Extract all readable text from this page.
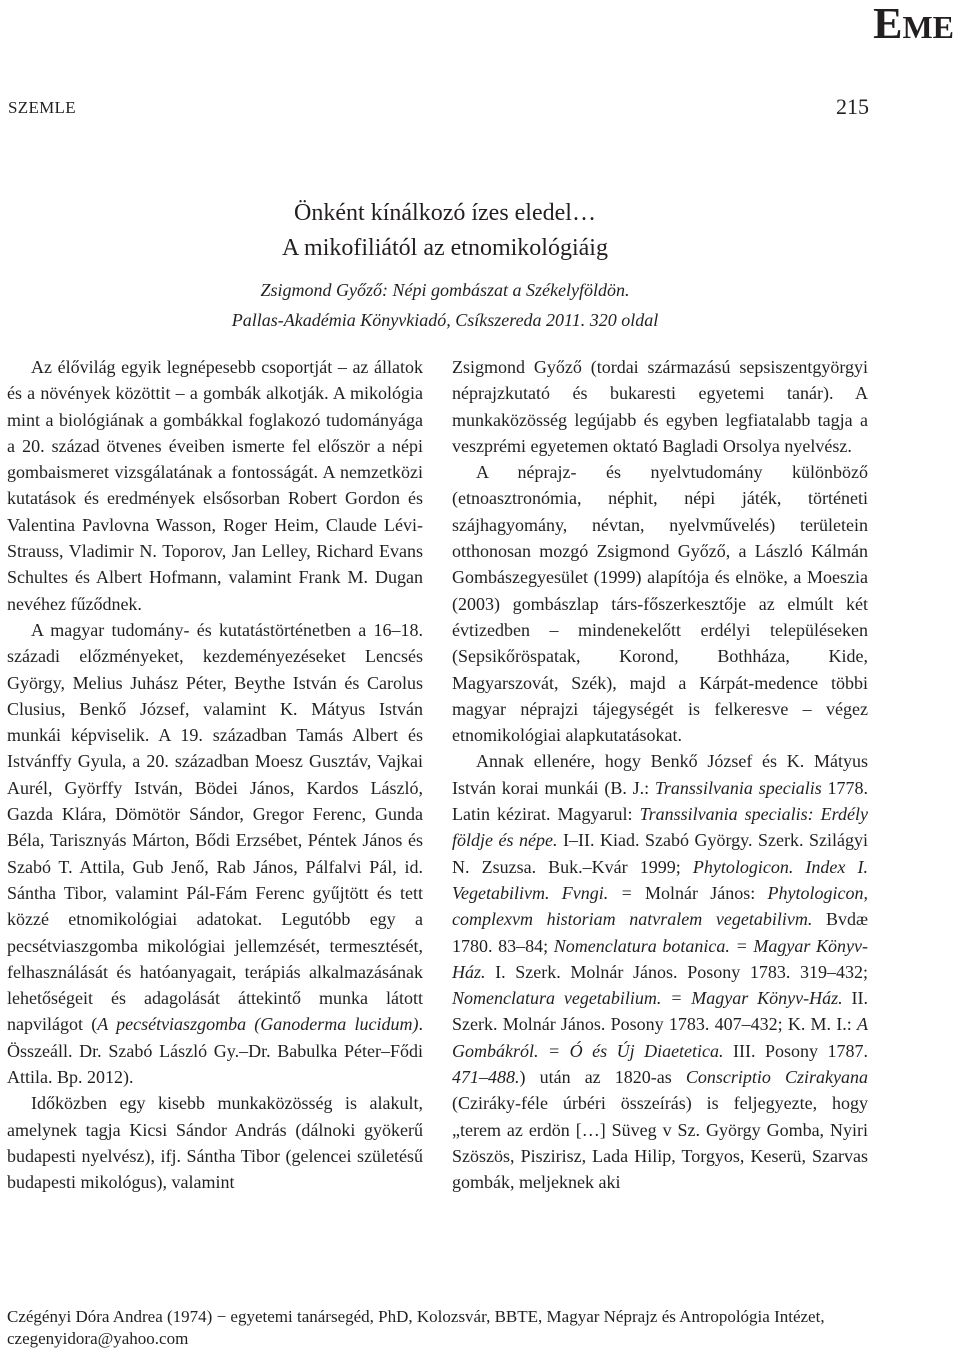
EME
SZEMLE	215
Önként kínálkozó ízes eledel…
A mikofiliától az etnomikológiáig

Zsigmond Győző: Népi gombászat a Székelyföldön.

Pallas-Akadémia Könyvkiadó, Csíkszereda 2011. 320 oldal

Az élővilág egyik legnépesebb csoportját – az állatok és a növények közöttit – a gombák alkotják. A mikológia mint a biológiának a gombákkal foglakozó tudományága a 20. század ötvenes éveiben ismerte fel először a népi gombaismeret vizsgálatának a fontosságát. A nemzetközi kutatások és eredmények elsősorban Robert Gordon és Valentina Pavlovna Wasson, Roger Heim, Claude Lévi-Strauss, Vladimir N. Toporov, Jan Lelley, Richard Evans Schultes és Albert Hofmann, valamint Frank M. Dugan nevéhez fűződnek.

A magyar tudomány- és kutatástörténetben a 16–18. századi előzményeket, kezdeményezéseket Lencsés György, Melius Juhász Péter, Beythe István és Carolus Clusius, Benkő József, valamint K. Mátyus István munkái képviselik. A 19. században Tamás Albert és Istvánffy Gyula, a 20. században Moesz Gusztáv, Vajkai Aurél, Györffy István, Bödei János, Kardos László, Gazda Klára, Dömötör Sándor, Gregor Ferenc, Gunda Béla, Tarisznyás Márton, Bődi Erzsébet, Péntek János és Szabó T. Attila, Gub Jenő, Rab János, Pálfalvi Pál, id. Sántha Tibor, valamint Pál-Fám Ferenc gyűjtött és tett közzé etnomikológiai adatokat. Legutóbb egy a pecsétviaszgomba mikológiai jellemzését, termesztését, felhasználását és hatóanyagait, terápiás alkalmazásának lehetőségeit és adagolását áttekintő munka látott napvilágot (A pecsétviaszgomba (Ganoderma lucidum). Összeáll. Dr. Szabó László Gy.–Dr. Babulka Péter–Fődi Attila. Bp. 2012).

Időközben egy kisebb munkaközösség is alakult, amelynek tagja Kicsi Sándor András (dálnoki gyökerű budapesti nyelvész), ifj. Sántha Tibor (gelencei születésű budapesti mikológus), valamint

Zsigmond Győző (tordai származású sepsiszentgyörgyi néprajzkutató és bukaresti egyetemi tanár). A munkaközösség legújabb és egyben legfiatalabb tagja a veszprémi egyetemen oktató Bagladi Orsolya nyelvész.

A néprajz- és nyelvtudomány különböző (etnoasztronómia, néphit, népi játék, történeti szájhagyomány, névtan, nyelvművelés) területein otthonosan mozgó Zsigmond Győző, a László Kálmán Gombászegyesület (1999) alapítója és elnöke, a Moeszia (2003) gombászlap társ-főszerkesztője az elmúlt két évtizedben – mindenekelőtt erdélyi településeken (Sepsikőröspatak, Korond, Bothháza, Kide, Magyarszovát, Szék), majd a Kárpát-medence többi magyar néprajzi tájegységét is felkeresve – végez etnomikológiai alapkutatásokat.

Annak ellenére, hogy Benkő József és K. Mátyus István korai munkái (B. J.: Transsilvania specialis 1778. Latin kézirat. Magyarul: Transsilvania specialis: Erdély földje és népe. I–II. Kiad. Szabó György. Szerk. Szilágyi N. Zsuzsa. Buk.–Kvár 1999; Phytologicon. Index I. Vegetabilivm. Fvngi. = Molnár János: Phytologicon, complexvm historiam natvralem vegetabilivm. Bvdæ 1780. 83–84; Nomenclatura botanica. = Magyar Könyv-Ház. I. Szerk. Molnár János. Posony 1783. 319–432; Nomenclatura vegetabilium. = Magyar Könyv-Ház. II. Szerk. Molnár János. Posony 1783. 407–432; K. M. I.: A Gombákról. = Ó és Új Diaetetica. III. Posony 1787. 471–488.) után az 1820-as Conscriptio Czirakyana (Cziráky-féle úrbéri összeírás) is feljegyezte, hogy „terem az erdön […] Süveg v Sz. György Gomba, Nyiri Szöszös, Piszirisz, Lada Hilip, Torgyos, Keserü, Szarvas gombák, meljeknek aki

Czégényi Dóra Andrea (1974) − egyetemi tanársegéd, PhD, Kolozsvár, BBTE, Magyar Néprajz és Antropológia Intézet, czegenyidora@yahoo.com
